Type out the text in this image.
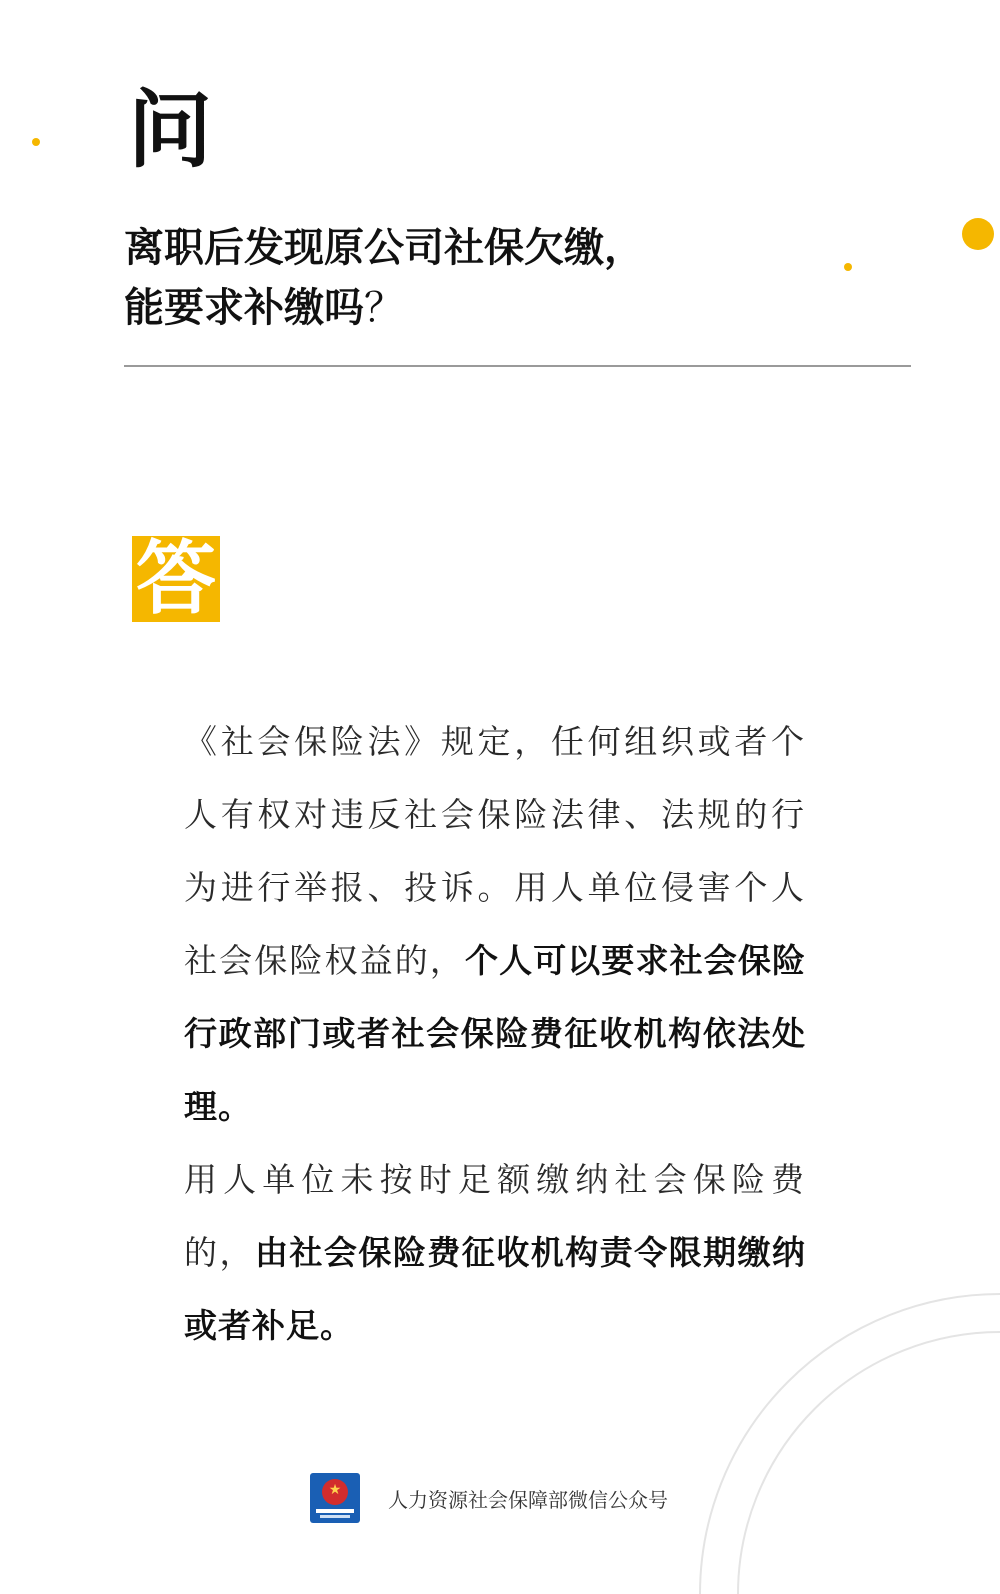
问

离职后发现原公司社保欠缴，
能要求补缴吗？

答

《社会保险法》规定，任何组织或者个人有权对违反社会保险法律、法规的行为进行举报、投诉。用人单位侵害个人社会保险权益的，个人可以要求社会保险行政部门或者社会保险费征收机构依法处理。
用人单位未按时足额缴纳社会保险费的，由社会保险费征收机构责令限期缴纳或者补足。

★ 人力资源社会保障部微信公众号
